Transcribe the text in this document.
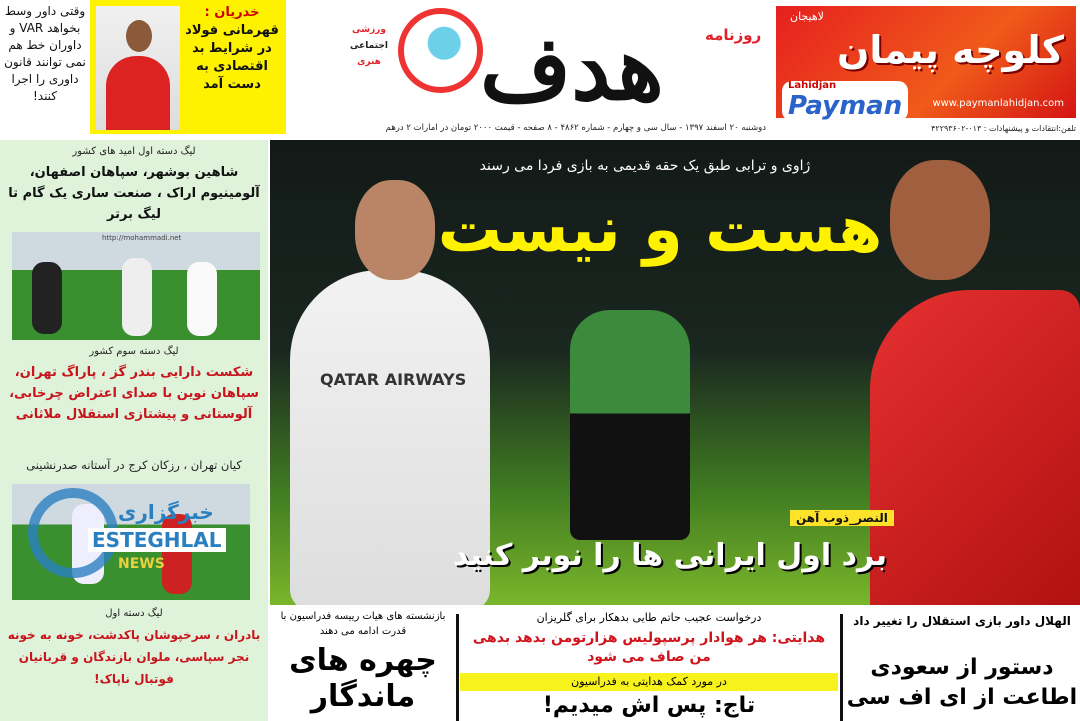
وقتی داور وسط بخواهد VAR و داوران خط هم نمی توانند قانون داوری را اجرا کنند!
خدریان :
قهرمانی فولاد در شرایط بد اقتصادی به دست آمد هدف	روزنامه
ورزشی
اجتماعی
هنری
دوشنبه ۲۰ اسفند ۱۳۹۷ - سال سی و چهارم - شماره ۴۸۶۲ - ۸ صفحه - قیمت ۲۰۰۰ تومان در امارات ۲ درهم
کلوچه پیمان
لاهیجان
Lahidjan
Payman	www.paymanlahidjan.com
تلفن:انتقادات و پیشنهادات : ۰۱۳-۴۲۲۹۳۶۰۲
لیگ دسته اول امید های کشور
شاهین بوشهر، سپاهان اصفهان، آلومینیوم اراک ، صنعت ساری یک گام تا لیگ برتر
http://mohammadi.net
لیگ دسته سوم کشور
شکست دارایی بندر گز ، پاراگ تهران، سپاهان نوین با صدای اعتراض چرخابی، آلوستانی و پیشتازی استقلال ملاثانی
کیان تهران ، رزکان کرج در آستانه صدرنشینی
لیگ دسته اول
بادران ، سرخپوشان پاکدشت، خونه به خونه نجر سپاسی، ملوان بازندگان و قربانیان فوتبال ناپاک!
خبرگزاری
ESTEGHLAL
NEWS
QATAR AIRWAYS
ژاوی و ترابی طبق یک حقه قدیمی به بازی فردا می رسند
هست و نیست
النصر_ذوب آهن
برد اول ایرانی ها را نوبر کنید
بازنشسته های هیات رییسه فدراسیون با قدرت ادامه می دهند
چهره های ماندگار
درخواست عجیب حاتم طایی بدهکار برای گلریزان
هدایتی: هر هوادار پرسپولیس هزارتومن بدهد بدهی من صاف می شود
در مورد کمک هدایتی به فدراسیون
تاج: پس اش میدیم!
الهلال داور بازی استقلال را تغییر داد
دستور از سعودی اطاعت از ای اف سی
